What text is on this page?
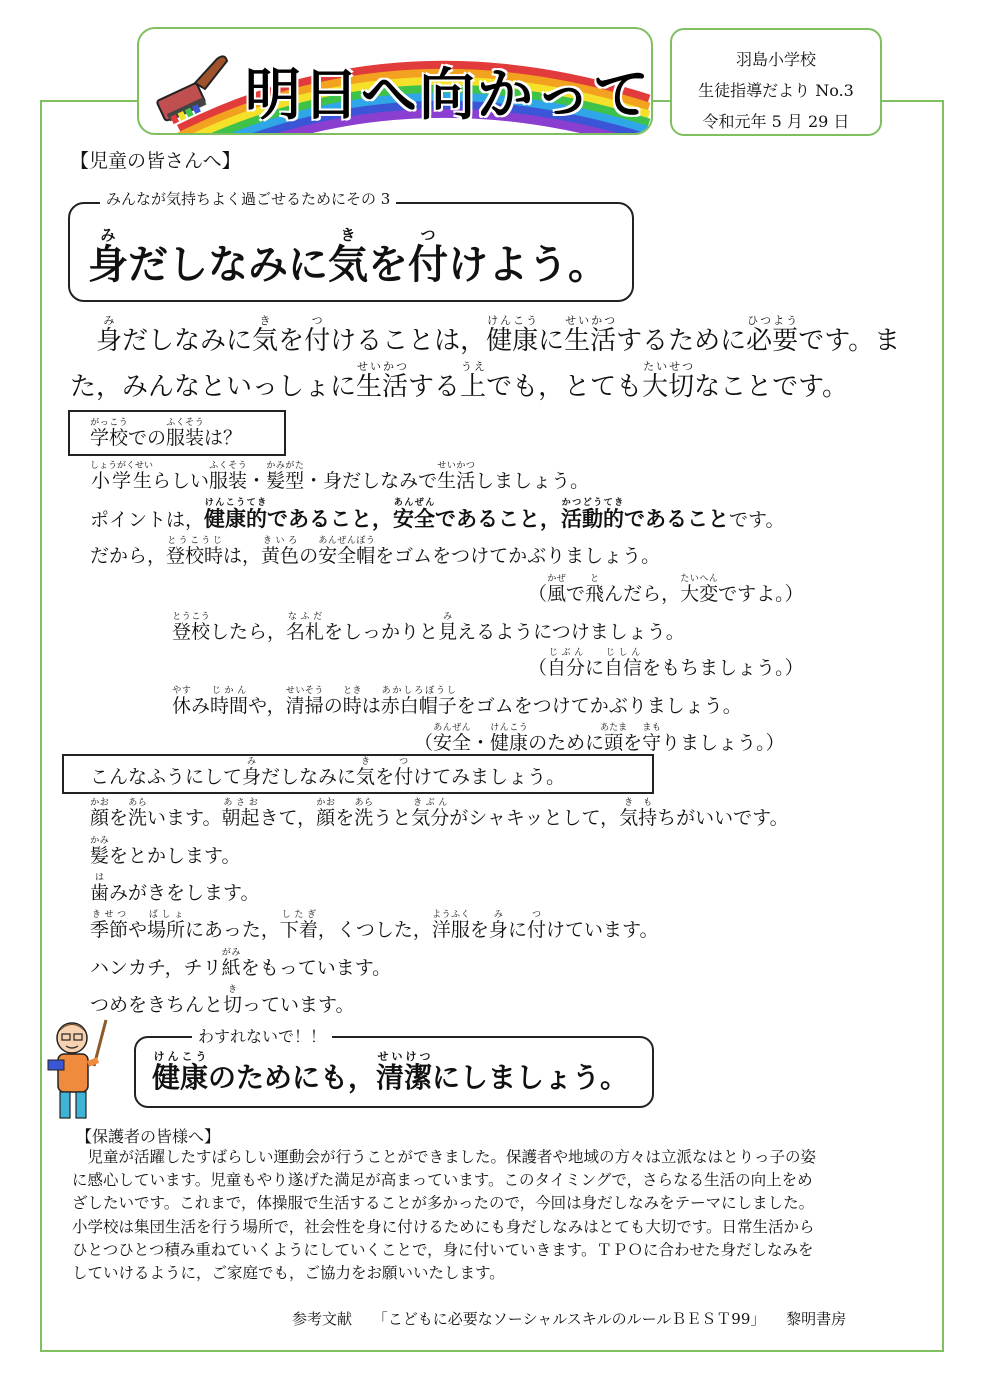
明日へ向かって
羽島小学校
生徒指導だより No.3
令和元年 5 月 29 日
【児童の皆さんへ】
みんなが気持ちよく過ごせるためにその 3
身みだしなみに気きを付つけよう。
　身みだしなみに気きを付つけることは，健康けんこうに生活せいかつするために必要ひつようです。また，みんなといっしょに生活せいかつする上うえでも，とても大切たいせつなことです。
学校がっこうでの服装ふくそうは？
小学生しょうがくせいらしい服装ふくそう・髪型かみがた・身だしなみで生活せいかつしましょう。
ポイントは，健康的けんこうてきであること，安全あんぜんであること，活動的かつどうてきであることです。
だから，登校時とうこうじは，黄色きいろの安全帽あんぜんぼうをゴムをつけてかぶりましょう。
（風かぜで飛とんだら，大変たいへんですよ。）
登校とうこうしたら，名札なふだをしっかりと見みえるようにつけましょう。
（自分じぶんに自信じしんをもちましょう。）
休やすみ時間じかんや，清掃せいそうの時ときは赤白帽子あかしろぼうしをゴムをつけてかぶりましょう。
（安全あんぜん・健康けんこうのために頭あたまを守まもりましょう。）
こんなふうにして身みだしなみに気きを付つけてみましょう。
顔かおを洗あらいます。朝起あさおきて，顔かおを洗あらうと気分きぶんがシャキッとして，気持きもちがいいです。
髪かみをとかします。
歯はみがきをします。
季節きせつや場所ばしょにあった，下着したぎ，くつした，洋服ようふくを身みに付つけています。
ハンカチ，チリ紙がみをもっています。
つめをきちんと切きっています。
わすれないで！！
健康けんこうのためにも，清潔せいけつにしましょう。
【保護者の皆様へ】
　児童が活躍したすばらしい運動会が行うことができました。保護者や地域の方々は立派なはとりっ子の姿
に感心しています。児童もやり遂げた満足が高まっています。このタイミングで，さらなる生活の向上をめ
ざしたいです。これまで，体操服で生活することが多かったので，今回は身だしなみをテーマにしました。
小学校は集団生活を行う場所で，社会性を身に付けるためにも身だしなみはとても大切です。日常生活から
ひとつひとつ積み重ねていくようにしていくことで，身に付いていきます。ＴＰＯに合わせた身だしなみを
していけるように，ご家庭でも，ご協力をお願いいたします。
参考文献 「こどもに必要なソーシャルスキルのルールＢＥＳＴ99」 黎明書房
